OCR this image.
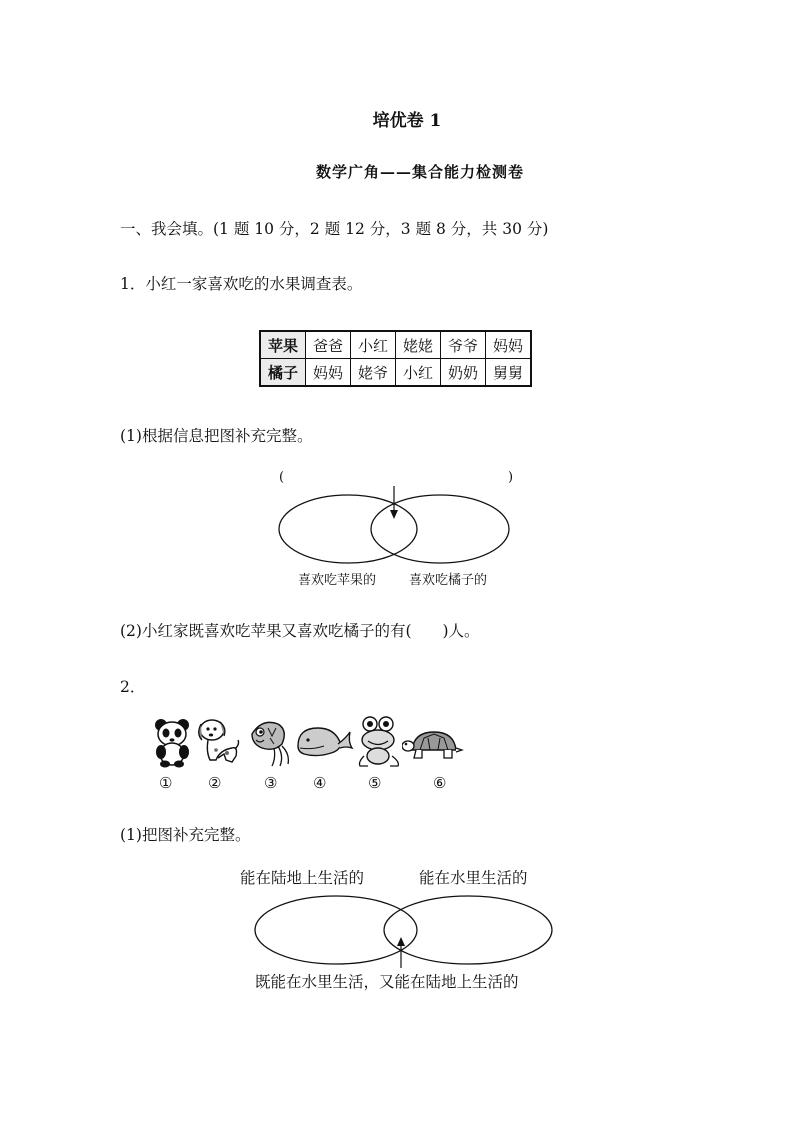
培优卷 1
数学广角——集合能力检测卷
一、我会填。(1 题 10 分，2 题 12 分，3 题 8 分，共 30 分)
1．小红一家喜欢吃的水果调查表。
苹果	爸爸	小红	姥姥	爷爷	妈妈
橘子	妈妈	姥爷	小红	奶奶	舅舅
(1)根据信息把图补充完整。
(	)
喜欢吃苹果的	喜欢吃橘子的
(2)小红家既喜欢吃苹果又喜欢吃橘子的有(　　)人。
2．
① ②	③ ④	⑤	⑥
(1)把图补充完整。
能在陆地上生活的	能在水里生活的
既能在水里生活，又能在陆地上生活的
